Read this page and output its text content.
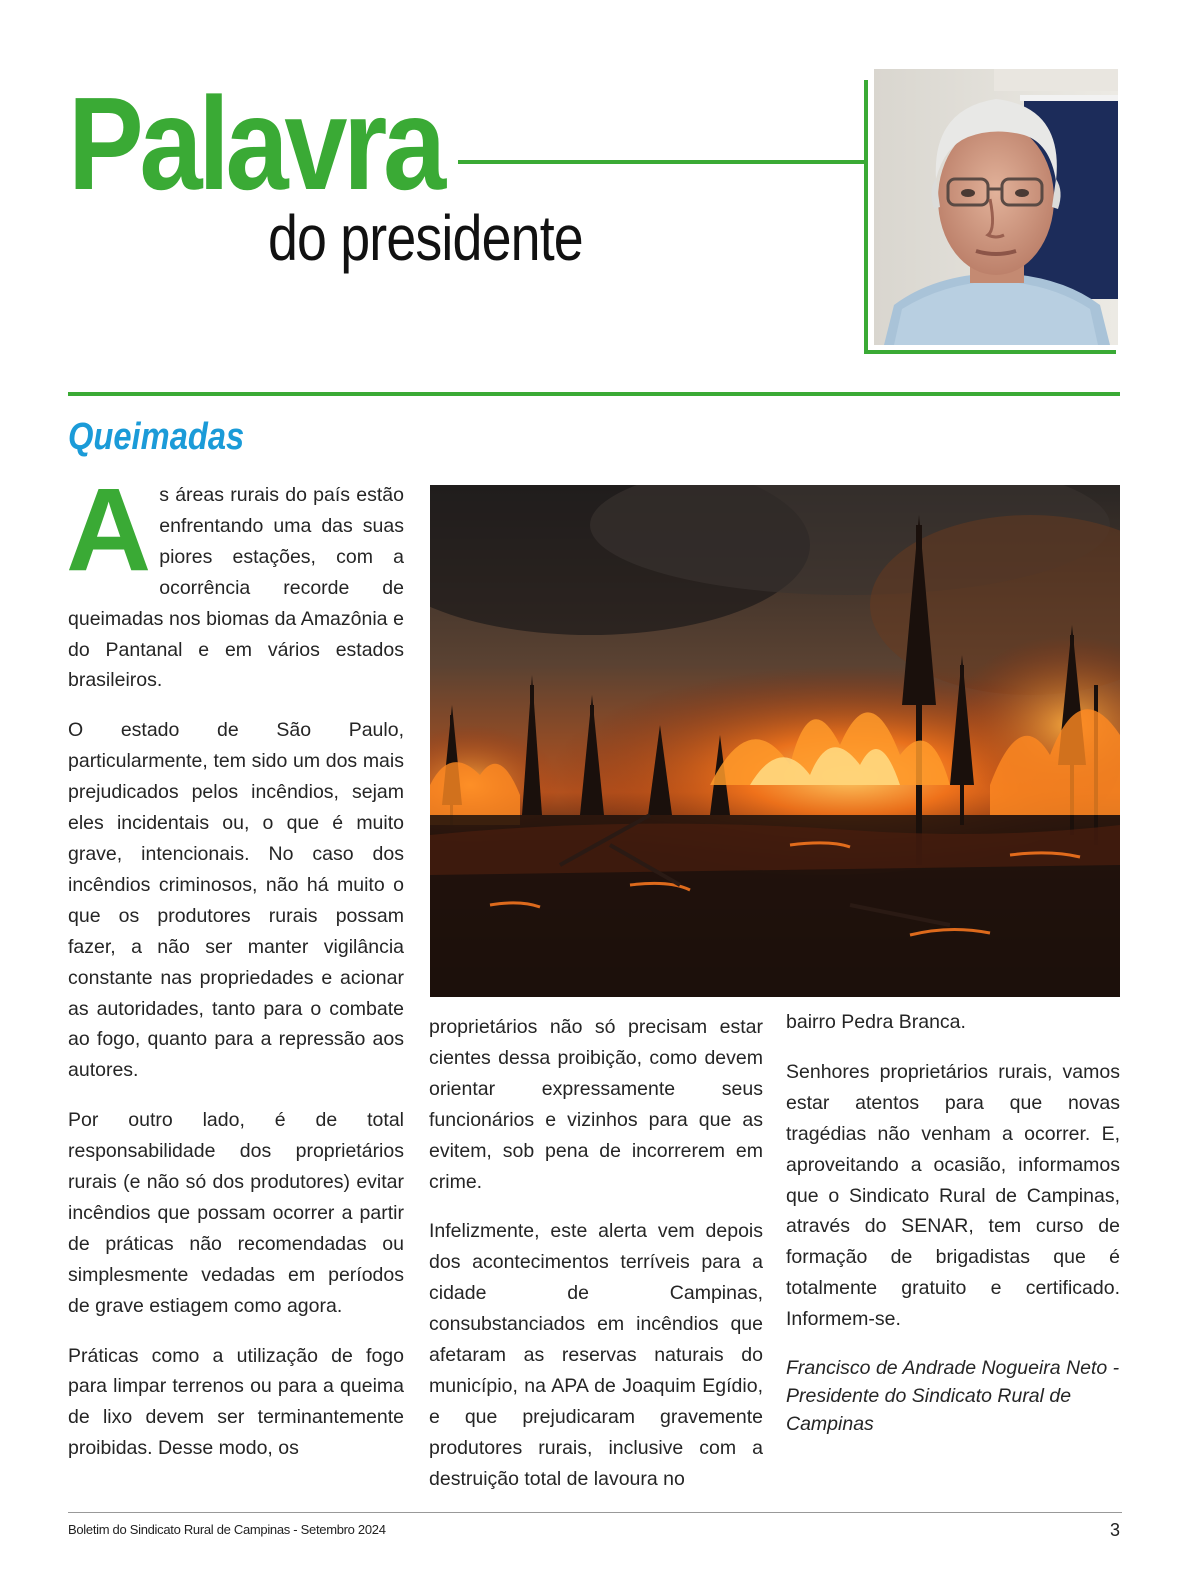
Palavra
do presidente
Queimadas

As áreas rurais do país estão enfrentando uma das suas piores estações, com a ocorrência recorde de queimadas nos biomas da Amazônia e do Pantanal e em vários estados brasileiros.

O estado de São Paulo, particularmente, tem sido um dos mais prejudicados pelos incêndios, sejam eles incidentais ou, o que é muito grave, intencionais. No caso dos incêndios criminosos, não há muito o que os produtores rurais possam fazer, a não ser manter vigilância constante nas propriedades e acionar as autoridades, tanto para o combate ao fogo, quanto para a repressão aos autores.

Por outro lado, é de total responsabilidade dos proprietários rurais (e não só dos produtores) evitar incêndios que possam ocorrer a partir de práticas não recomendadas ou simplesmente vedadas em períodos de grave estiagem como agora.

Práticas como a utilização de fogo para limpar terrenos ou para a queima de lixo devem ser terminantemente proibidas. Desse modo, os

proprietários não só precisam estar cientes dessa proibição, como devem orientar expressamente seus funcionários e vizinhos para que as evitem, sob pena de incorrerem em crime.

Infelizmente, este alerta vem depois dos acontecimentos terríveis para a cidade de Campinas, consubstanciados em incêndios que afetaram as reservas naturais do município, na APA de Joaquim Egídio, e que prejudicaram gravemente produtores rurais, inclusive com a destruição total de lavoura no

bairro Pedra Branca.

Senhores proprietários rurais, vamos estar atentos para que novas tragédias não venham a ocorrer. E, aproveitando a ocasião, informamos que o Sindicato Rural de Campinas, através do SENAR, tem curso de formação de brigadistas que é totalmente gratuito e certificado. Informem-se.

Francisco de Andrade Nogueira Neto - Presidente do Sindicato Rural de Campinas

Boletim do Sindicato Rural de Campinas - Setembro 2024	3
